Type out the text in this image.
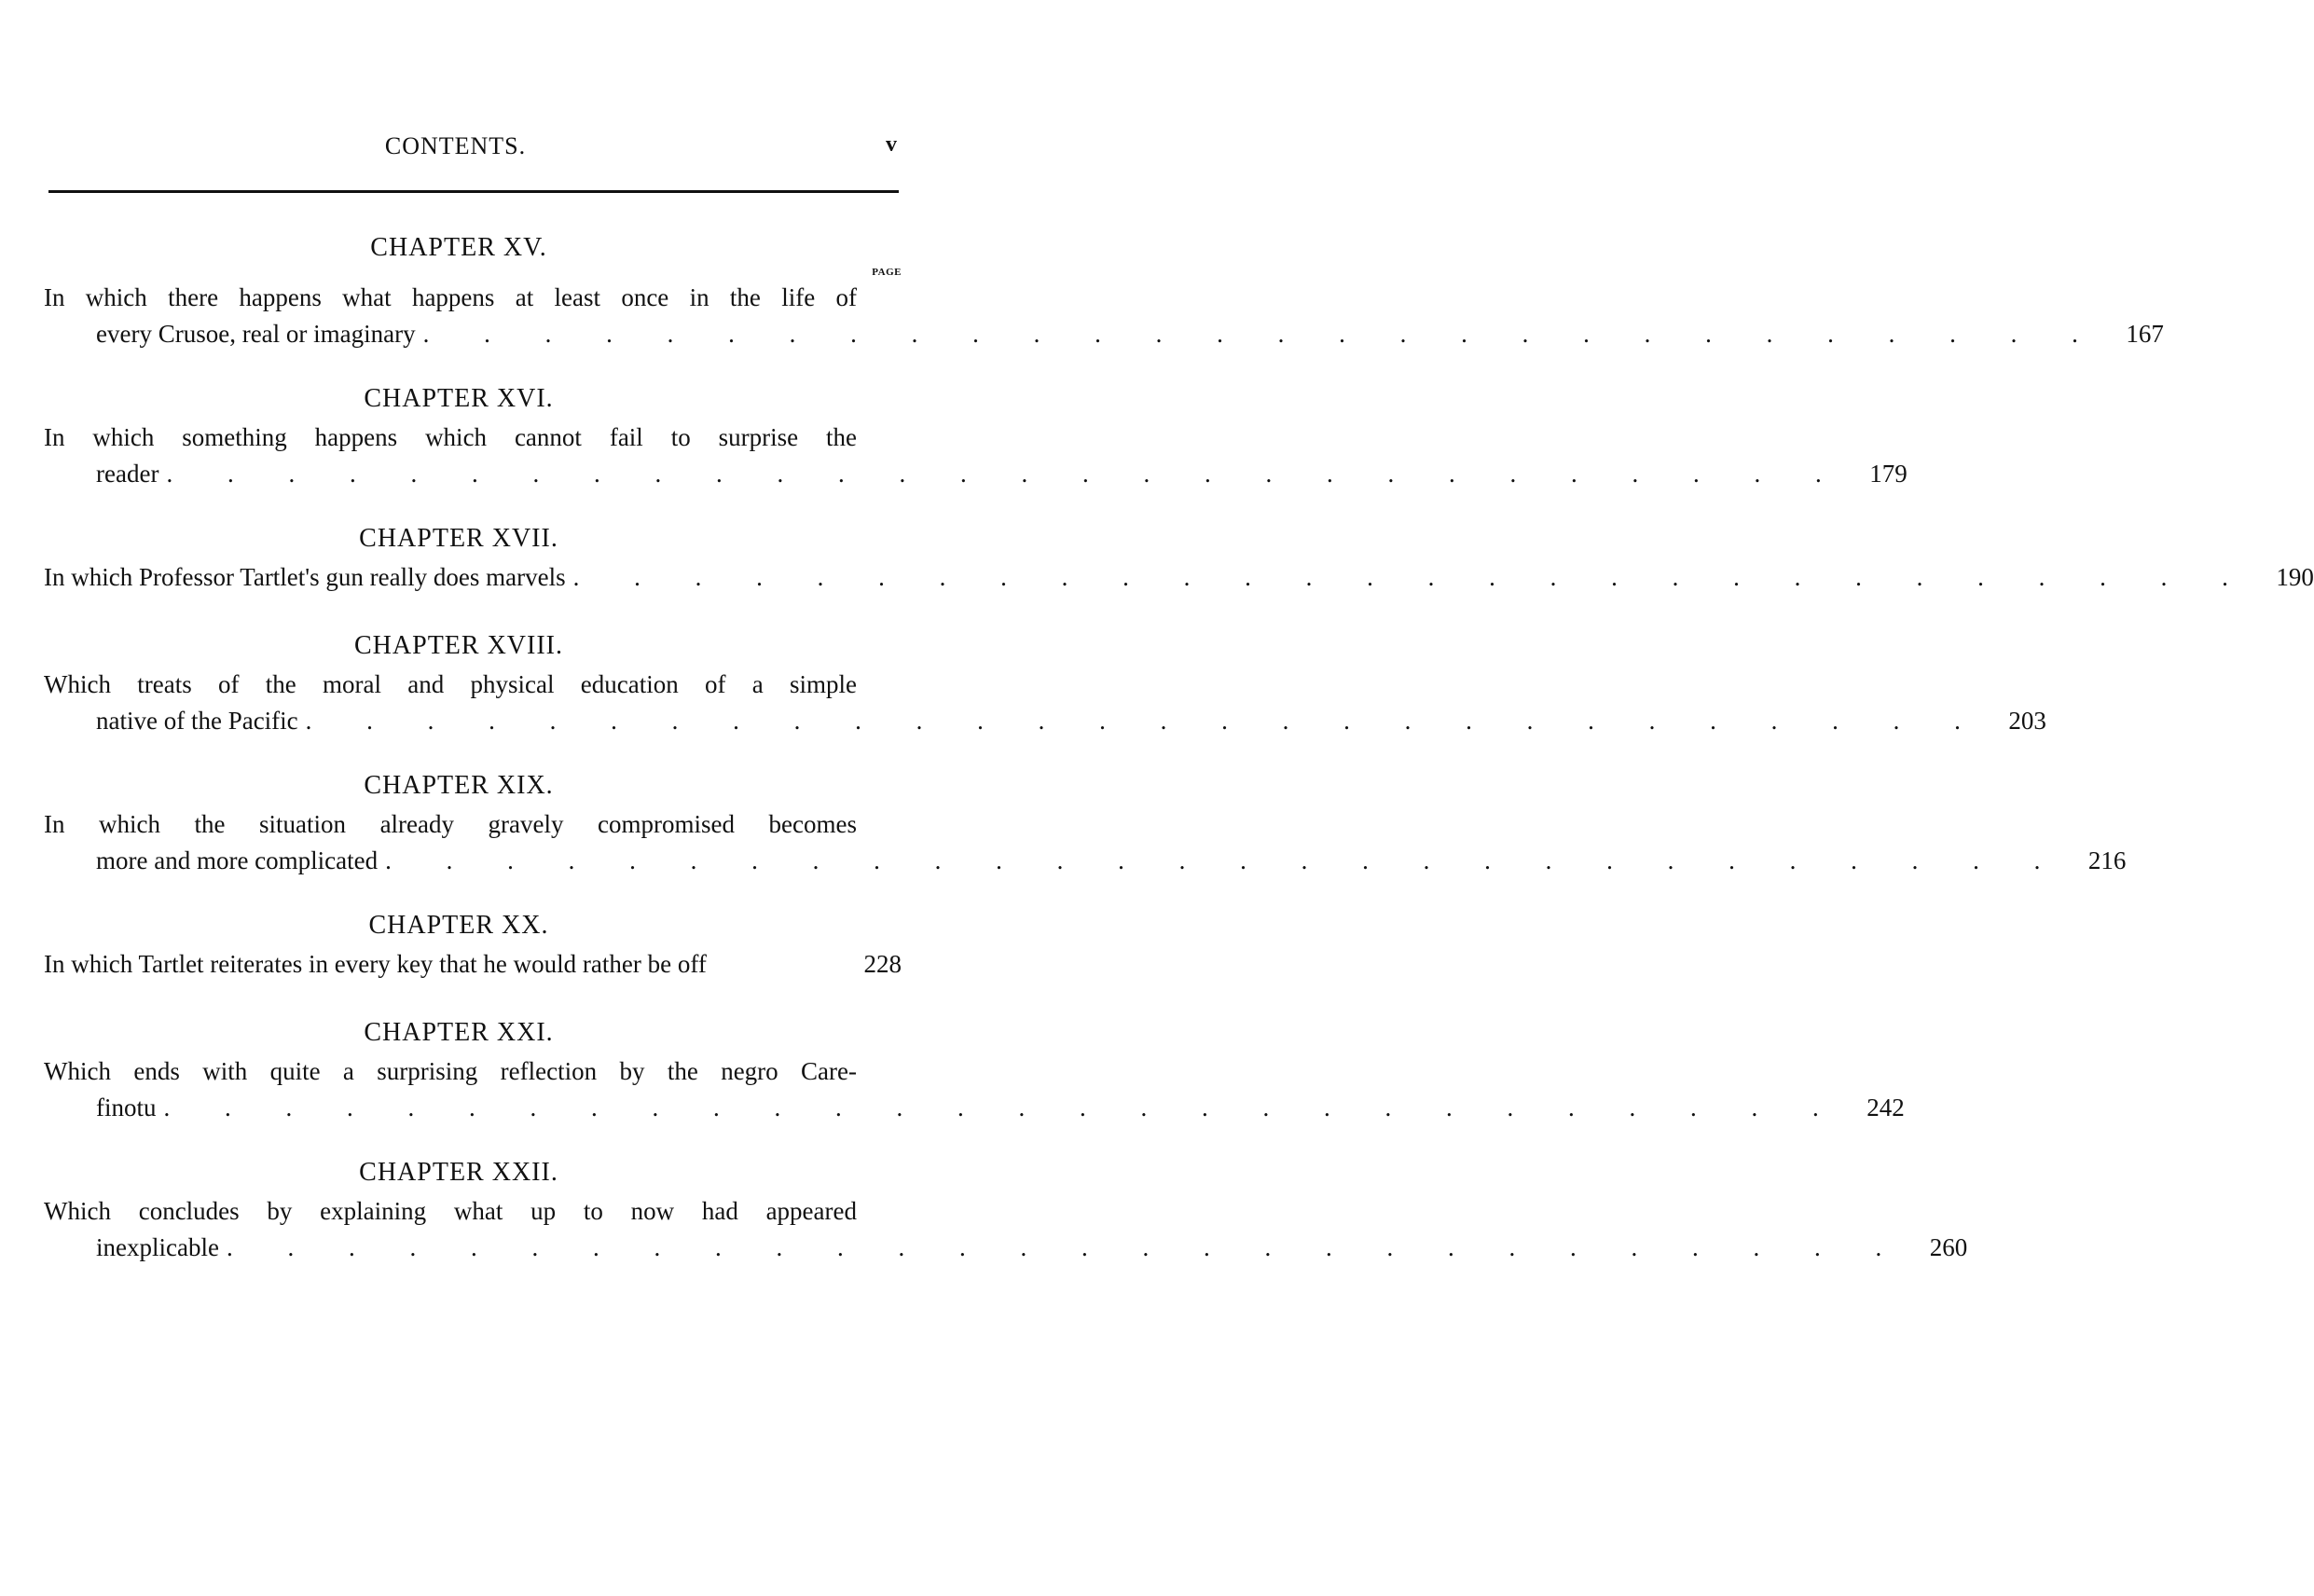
CONTENTS.	v
CHAPTER XV.
PAGE
In which there happens what happens at least once in the life of
every Crusoe, real or imaginary . . . . . . . . . . . . . . . . . . . . . . . . . . . . 167
CHAPTER XVI.
In which something happens which cannot fail to surprise the
reader . . . . . . . . . . . . . . . . . . . . . . . . . . . . 179
CHAPTER XVII.
In which Professor Tartlet's gun really does marvels . . . . . . . . . . . . . . . . . . . . . . . . . . . . 190
CHAPTER XVIII.
Which treats of the moral and physical education of a simple
native of the Pacific . . . . . . . . . . . . . . . . . . . . . . . . . . . . 203
CHAPTER XIX.
In which the situation already gravely compromised becomes
more and more complicated . . . . . . . . . . . . . . . . . . . . . . . . . . . . 216
CHAPTER XX.
In which Tartlet reiterates in every key that he would rather be off	228
CHAPTER XXI.
Which ends with quite a surprising reflection by the negro Care-
finotu . . . . . . . . . . . . . . . . . . . . . . . . . . . . 242
CHAPTER XXII.
Which concludes by explaining what up to now had appeared
inexplicable . . . . . . . . . . . . . . . . . . . . . . . . . . . . 260
